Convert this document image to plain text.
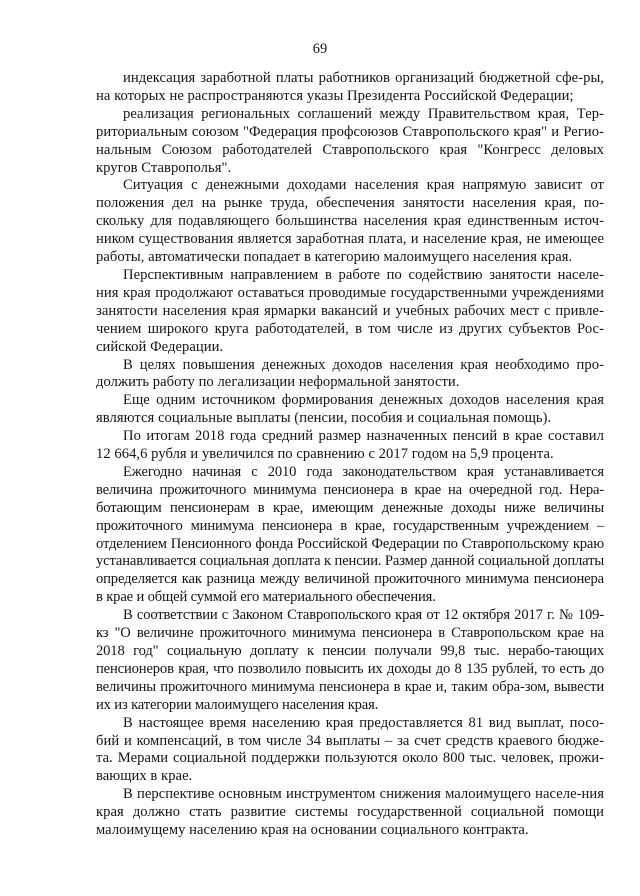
69

индексация заработной платы работников организаций бюджетной сфе-ры, на которых не распространяются указы Президента Российской Федерации;

реализация региональных соглашений между Правительством края, Тер-риториальным союзом "Федерация профсоюзов Ставропольского края" и Регио-нальным Союзом работодателей Ставропольского края "Конгресс деловых кругов Ставрополья".

Ситуация с денежными доходами населения края напрямую зависит от положения дел на рынке труда, обеспечения занятости населения края, по-скольку для подавляющего большинства населения края единственным источ-ником существования является заработная плата, и население края, не имеющее работы, автоматически попадает в категорию малоимущего населения края.

Перспективным направлением в работе по содействию занятости населе-ния края продолжают оставаться проводимые государственными учреждениями занятости населения края ярмарки вакансий и учебных рабочих мест с привле-чением широкого круга работодателей, в том числе из других субъектов Рос-сийской Федерации.

В целях повышения денежных доходов населения края необходимо про-должить работу по легализации неформальной занятости.

Еще одним источником формирования денежных доходов населения края являются социальные выплаты (пенсии, пособия и социальная помощь).

По итогам 2018 года средний размер назначенных пенсий в крае составил 12 664,6 рубля и увеличился по сравнению с 2017 годом на 5,9 процента.

Ежегодно начиная с 2010 года законодательством края устанавливается величина прожиточного минимума пенсионера в крае на очередной год. Нера-ботающим пенсионерам в крае, имеющим денежные доходы ниже величины прожиточного минимума пенсионера в крае, государственным учреждением – отделением Пенсионного фонда Российской Федерации по Ставропольскому краю устанавливается социальная доплата к пенсии. Размер данной социальной доплаты определяется как разница между величиной прожиточного минимума пенсионера в крае и общей суммой его материального обеспечения.

В соответствии с Законом Ставропольского края от 12 октября 2017 г. № 109-кз "О величине прожиточного минимума пенсионера в Ставропольском крае на 2018 год" социальную доплату к пенсии получали 99,8 тыс. нерабо-тающих пенсионеров края, что позволило повысить их доходы до 8 135 рублей, то есть до величины прожиточного минимума пенсионера в крае и, таким обра-зом, вывести их из категории малоимущего населения края.

В настоящее время населению края предоставляется 81 вид выплат, посо-бий и компенсаций, в том числе 34 выплаты – за счет средств краевого бюдже-та. Мерами социальной поддержки пользуются около 800 тыс. человек, прожи-вающих в крае.

В перспективе основным инструментом снижения малоимущего населе-ния края должно стать развитие системы государственной социальной помощи малоимущему населению края на основании социального контракта.
